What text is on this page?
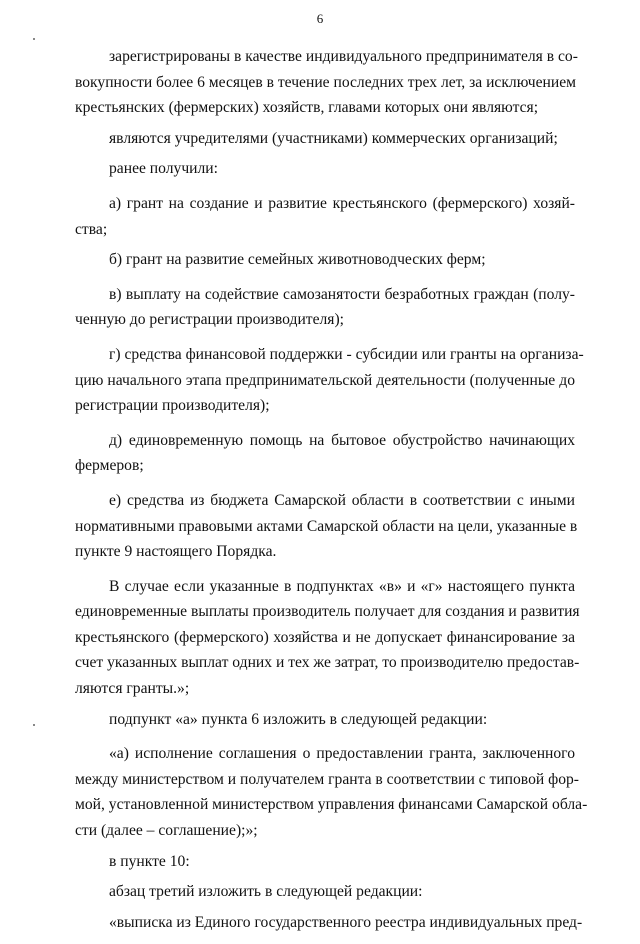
6
зарегистрированы в качестве индивидуального предпринимателя в со-
вокупности более 6 месяцев в течение последних трех лет, за исключением
крестьянских (фермерских) хозяйств, главами которых они являются;
являются учредителями (участниками) коммерческих организаций;
ранее получили:
а) грант на создание и развитие крестьянского (фермерского) хозяй-
ства;
б) грант на развитие семейных животноводческих ферм;
в) выплату на содействие самозанятости безработных граждан (полу-
ченную до регистрации производителя);
г) средства финансовой поддержки - субсидии или гранты на организа-
цию начального этапа предпринимательской деятельности (полученные до
регистрации производителя);
д) единовременную помощь на бытовое обустройство начинающих
фермеров;
е) средства из бюджета Самарской области в соответствии с иными
нормативными правовыми актами Самарской области на цели, указанные в
пункте 9 настоящего Порядка.
В случае если указанные в подпунктах «в» и «г» настоящего пункта
единовременные выплаты производитель получает для создания и развития
крестьянского (фермерского) хозяйства и не допускает финансирование за
счет указанных выплат одних и тех же затрат, то производителю предостав-
ляются гранты.»;
подпункт «а» пункта 6 изложить в следующей редакции:
«а) исполнение соглашения о предоставлении гранта, заключенного
между министерством и получателем гранта в соответствии с типовой фор-
мой, установленной министерством управления финансами Самарской обла-
сти (далее – соглашение);»;
в пункте 10:
абзац третий изложить в следующей редакции:
«выписка из Единого государственного реестра индивидуальных пред-
